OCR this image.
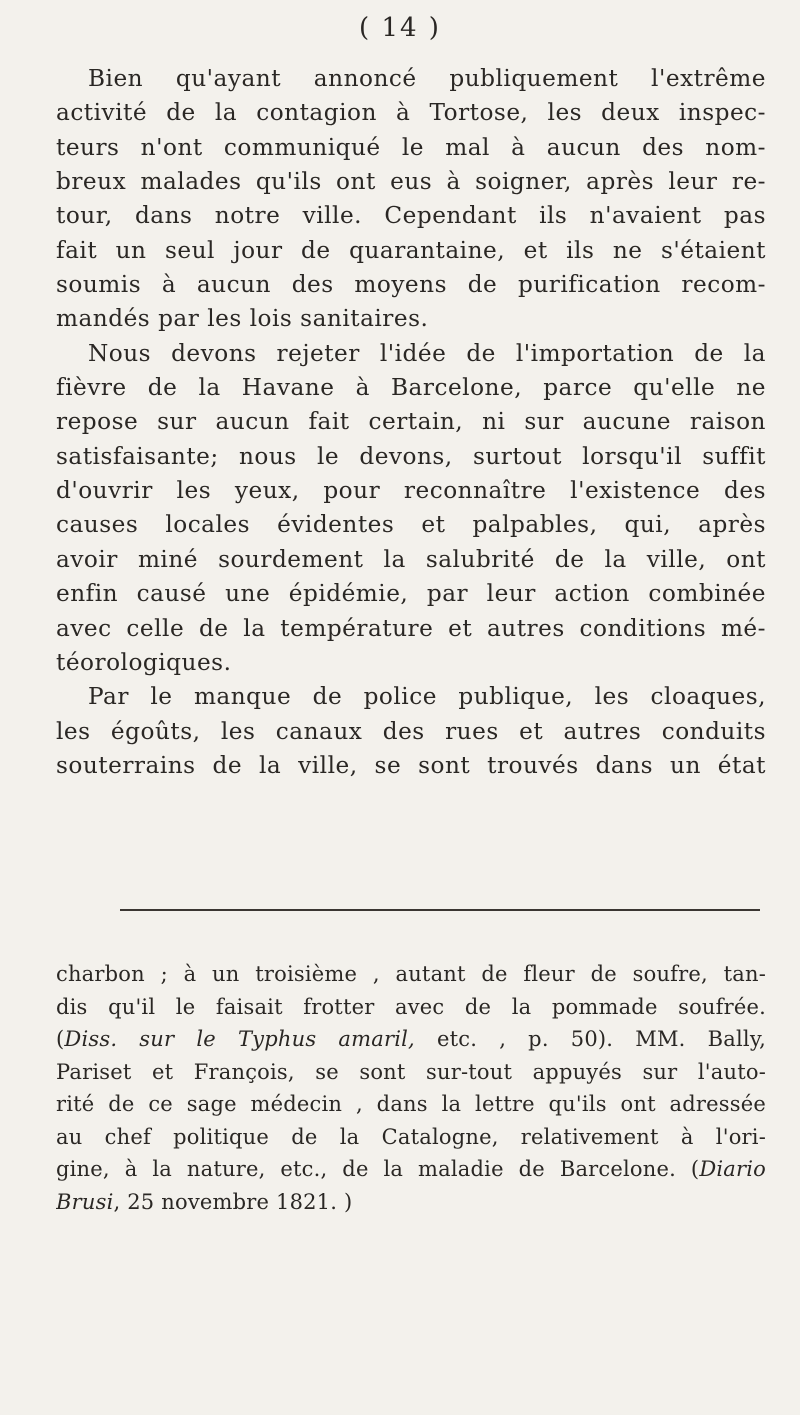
( 14 )
Bien qu'ayant annoncé publiquement l'extrême
activité de la contagion à Tortose, les deux inspec-
teurs n'ont communiqué le mal à aucun des nom-
breux malades qu'ils ont eus à soigner, après leur re-
tour, dans notre ville. Cependant ils n'avaient pas
fait un seul jour de quarantaine, et ils ne s'étaient
soumis à aucun des moyens de purification recom-
mandés par les lois sanitaires.
Nous devons rejeter l'idée de l'importation de la
fièvre de la Havane à Barcelone, parce qu'elle ne
repose sur aucun fait certain, ni sur aucune raison
satisfaisante; nous le devons, surtout lorsqu'il suffit
d'ouvrir les yeux, pour reconnaître l'existence des
causes locales évidentes et palpables, qui, après
avoir miné sourdement la salubrité de la ville, ont
enfin causé une épidémie, par leur action combinée
avec celle de la température et autres conditions mé-
téorologiques.
Par le manque de police publique, les cloaques,
les égoûts, les canaux des rues et autres conduits
souterrains de la ville, se sont trouvés dans un état
charbon ; à un troisième , autant de fleur de soufre, tan-
dis qu'il le faisait frotter avec de la pommade soufrée.
(Diss. sur le Typhus amaril, etc. , p. 50). MM. Bally,
Pariset et François, se sont sur-tout appuyés sur l'auto-
rité de ce sage médecin , dans la lettre qu'ils ont adressée
au chef politique de la Catalogne, relativement à l'ori-
gine, à la nature, etc., de la maladie de Barcelone. (Diario
Brusi, 25 novembre 1821. )
